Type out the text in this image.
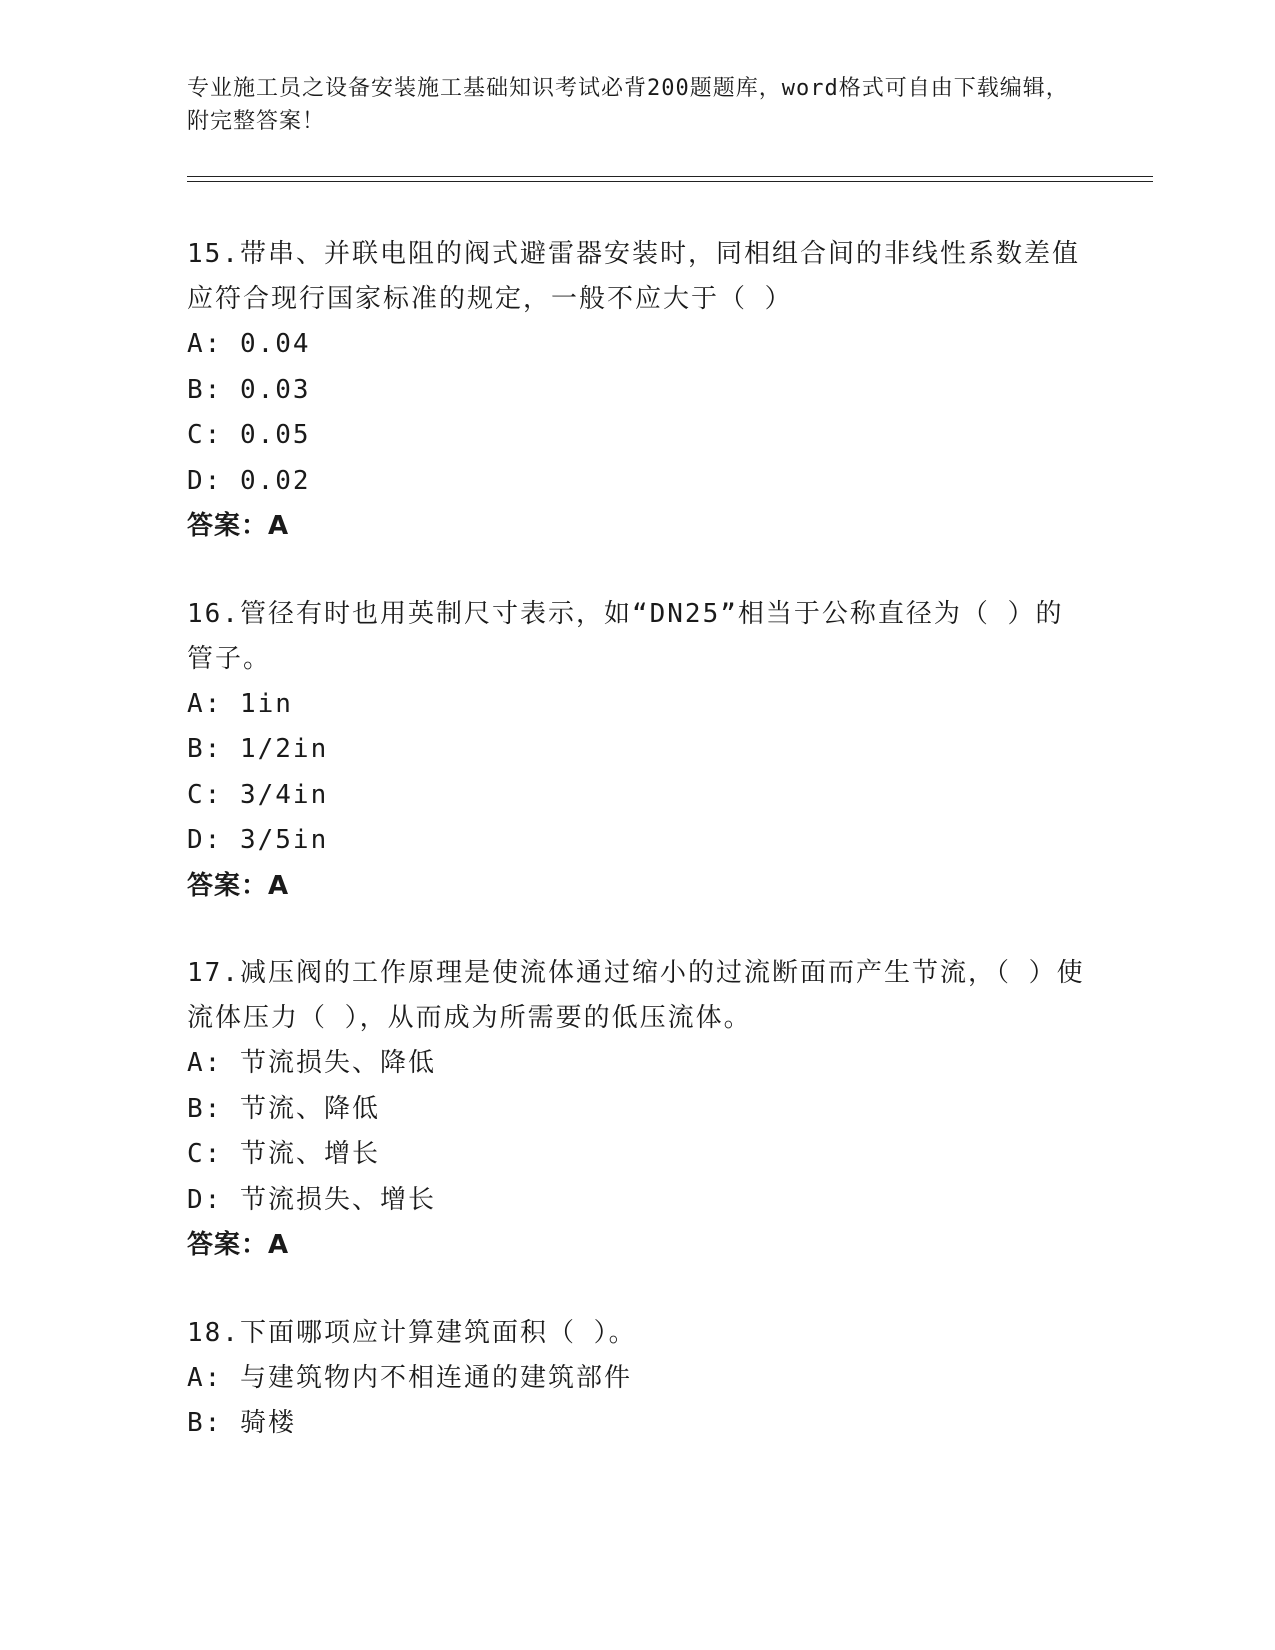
专业施工员之设备安装施工基础知识考试必背200题题库，word格式可自由下载编辑，附完整答案！

15.带串、并联电阻的阀式避雷器安装时，同相组合间的非线性系数差值应符合现行国家标准的规定，一般不应大于（ ）

A: 0.04

B: 0.03

C: 0.05

D: 0.02

答案：A

16.管径有时也用英制尺寸表示，如“DN25”相当于公称直径为（ ）的管子。

A: 1in

B: 1/2in

C: 3/4in

D: 3/5in

答案：A

17.减压阀的工作原理是使流体通过缩小的过流断面而产生节流，（ ）使流体压力（ ），从而成为所需要的低压流体。

A: 节流损失、降低

B: 节流、降低

C: 节流、增长

D: 节流损失、增长

答案：A

18.下面哪项应计算建筑面积（ ）。

A: 与建筑物内不相连通的建筑部件

B: 骑楼
